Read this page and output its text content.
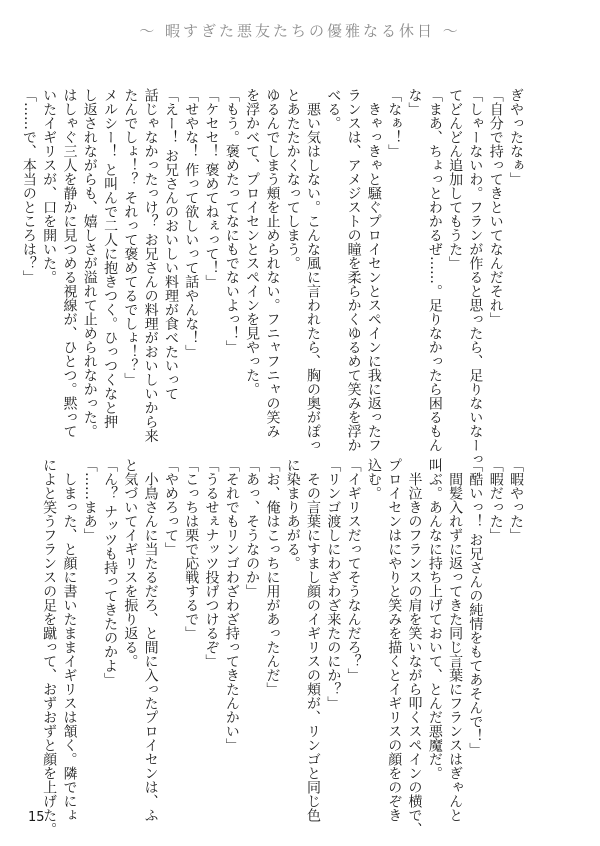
〜 暇すぎた悪友たちの優雅なる休日 〜
ぎやったなぁ」
「自分で持ってきといてなんだそれ」
「しゃーないわ。フランが作ると思ったら、足りないなーっ
てどんどん追加してもうた」
「まあ、ちょっとわかるぜ……。足りなかったら困るもん
な」
「なぁ！」
　きゃっきゃと騒ぐプロイセンとスペインに我に返ったフ
ランスは、アメジストの瞳を柔らかくゆるめて笑みを浮か
べる。
　悪い気はしない。こんな風に言われたら、胸の奥がぽっ
とあたたかくなってしまう。
ゆるんでしまう頬を止められない。フニャフニャの笑み
を浮かべて、プロイセンとスペインを見やった。
「もう。褒めたってなにもでないよっ！」
「ケセセ！ 褒めてねぇって！」
「せやな！ 作って欲しいって話やんな！」
「えー！ お兄さんのおいしい料理が食べたいって
話じゃなかったっけ？ お兄さんの料理がおいしいから来
たんでしょ！？ それって褒めてるでしょ！？」
メルシー！ と叫んで二人に抱きつく。ひっつくなと押
し返されながらも、嬉しさが溢れて止められなかった。
はしゃぐ三人を静かに見つめる視線が、ひとつ。黙って
いたイギリスが、口を開いた。
「……で、本当のところは？」
「暇やった」
「暇だった」
「酷いっ！ お兄さんの純情をもてあそんで！」
　間髪入れずに返ってきた同じ言葉にフランスはぎゃんと
叫ぶ。あんなに持ち上げておいて、とんだ悪魔だ。
　半泣きのフランスの肩を笑いながら叩くスペインの横で、
プロイセンはにやりと笑みを描くとイギリスの顔をのぞき
込む。
「イギリスだってそうなんだろ？」
「リンゴ渡しにわざわざ来たのにか？」
　その言葉にすまし顔のイギリスの頬が、リンゴと同じ色
に染まりあがる。
「お、俺はこっちに用があったんだ」
「あっ、そうなのか」
「それでもリンゴわざわざ持ってきたんかい」
「うるせぇナッツ投げつけるぞ」
「こっちは栗で応戦するで」
「やめろって」
　小鳥さんに当たるだろ、と間に入ったプロイセンは、ふ
と気づいてイギリスを振り返る。
「ん？ ナッツも持ってきたのかよ」
「……まあ」
　しまった、と顔に書いたままイギリスは頷く。隣でにょ
によと笑うフランスの足を蹴って、おずおずと顔を上げた。
15
